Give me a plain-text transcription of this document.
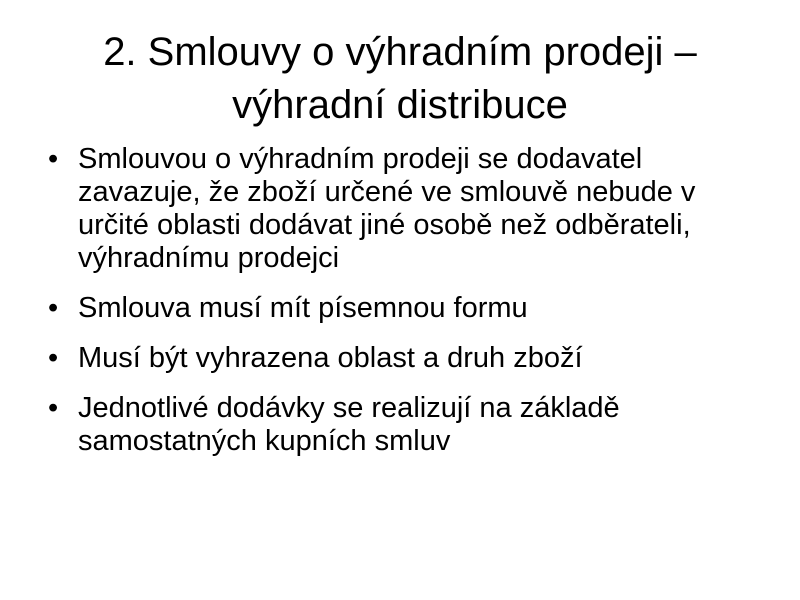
2. Smlouvy o výhradním prodeji – výhradní distribuce
• Smlouvou o výhradním prodeji se dodavatel zavazuje, že zboží určené ve smlouvě nebude v určité oblasti dodávat jiné osobě než odběrateli, výhradnímu prodejci
• Smlouva musí mít písemnou formu
• Musí být vyhrazena oblast a druh zboží
• Jednotlivé dodávky se realizují na základě samostatných kupních smluv
